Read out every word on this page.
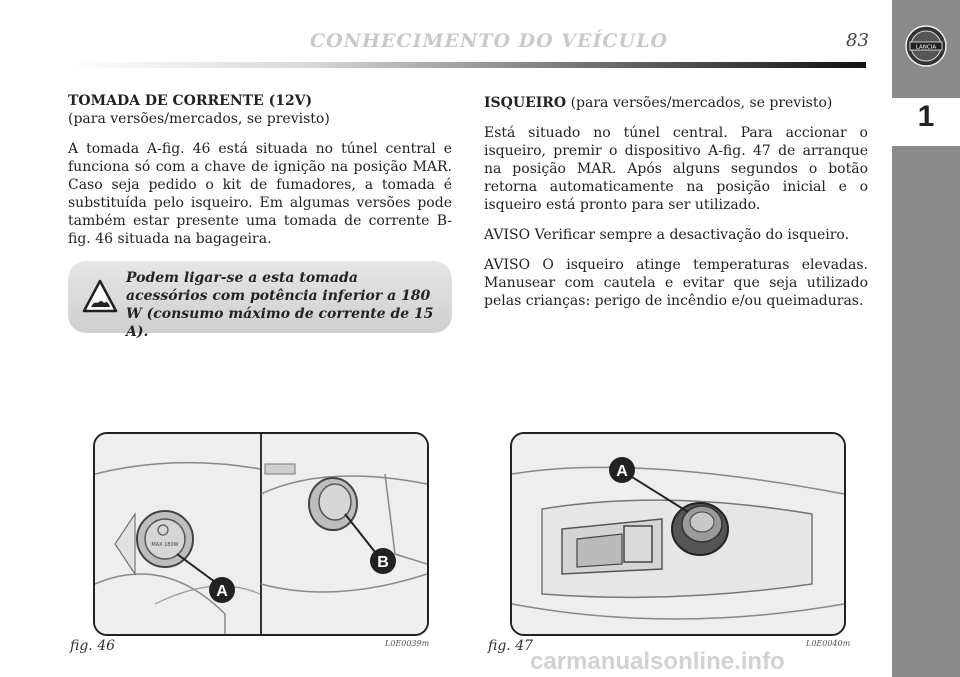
CONHECIMENTO DO VEÍCULO	83	LANCIA
1

TOMADA DE CORRENTE (12V)
(para versões/mercados, se previsto)

A tomada A-fig. 46 está situada no túnel central e funciona só com a chave de ignição na posição MAR. Caso seja pedido o kit de fumadores, a tomada é substituída pelo isqueiro. Em algumas versões pode também estar presente uma tomada de corrente B-fig. 46 situada na bagageira.

Podem ligar-se a esta tomada acessórios com potência inferior a 180 W (consumo máximo de corrente de 15 A).

ISQUEIRO (para versões/mercados, se previsto)

Está situado no túnel central. Para accionar o isqueiro, premir o dispositivo A-fig. 47 de arranque na posição MAR. Após alguns segundos o botão retorna automaticamente na posição inicial e o isqueiro está pronto para ser utilizado.

AVISO Verificar sempre a desactivação do isqueiro.

AVISO O isqueiro atinge temperaturas elevadas. Manusear com cautela e evitar que seja utilizado pelas crianças: perigo de incêndio e/ou queimaduras.

MAX 180W
A
B
fig. 46	L0E0039m
A
fig. 47	L0E0040m
carmanualsonline.info
